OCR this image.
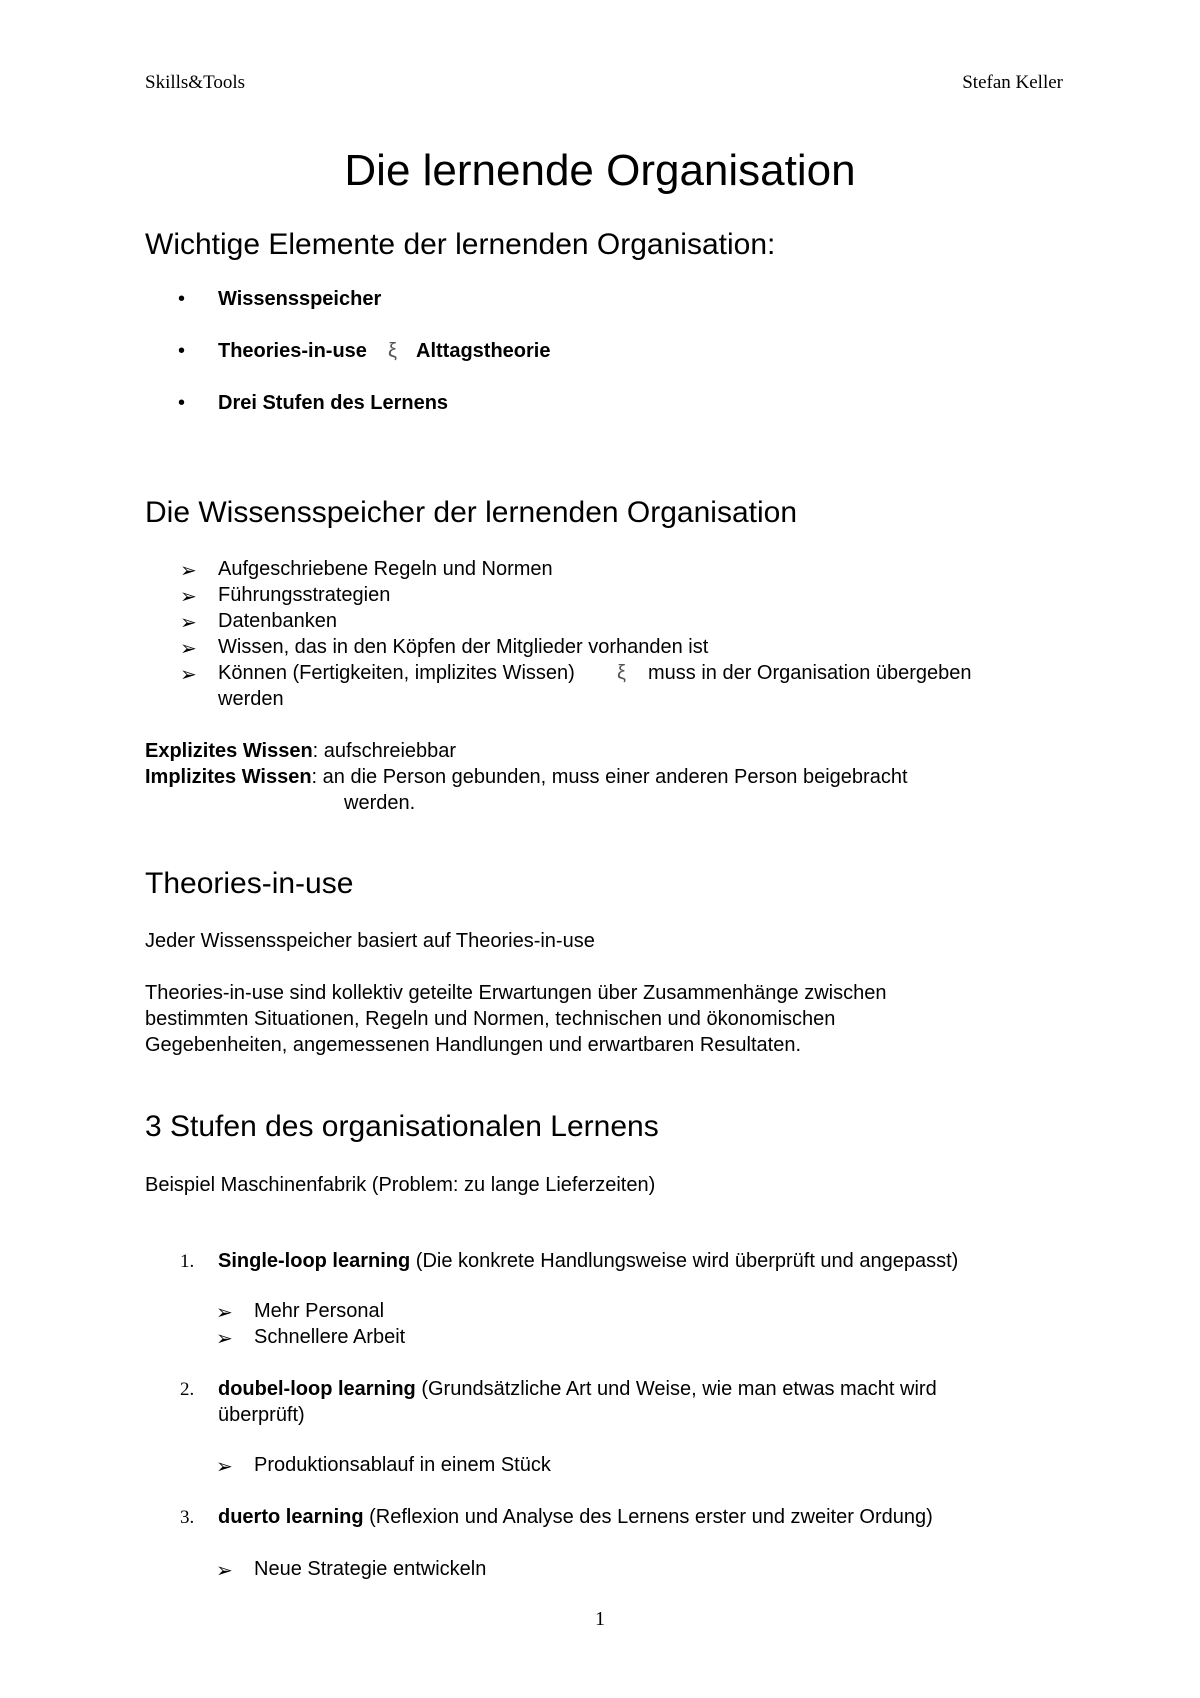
Skills&Tools	Stefan Keller
Die lernende Organisation
Wichtige Elemente der lernenden Organisation:
• Wissensspeicher
• Theories-in-use ξ Alttagstheorie
• Drei Stufen des Lernens
Die Wissensspeicher der lernenden Organisation
➢ Aufgeschriebene Regeln und Normen
➢ Führungsstrategien
➢ Datenbanken
➢ Wissen, das in den Köpfen der Mitglieder vorhanden ist
➢ Können (Fertigkeiten, implizites Wissen) ξ muss in der Organisation übergeben
werden
Explizites Wissen: aufschreiebbar
Implizites Wissen: an die Person gebunden, muss einer anderen Person beigebracht
werden.
Theories-in-use
Jeder Wissensspeicher basiert auf Theories-in-use
Theories-in-use sind kollektiv geteilte Erwartungen über Zusammenhänge zwischen
bestimmten Situationen, Regeln und Normen, technischen und ökonomischen
Gegebenheiten, angemessenen Handlungen und erwartbaren Resultaten.
3 Stufen des organisationalen Lernens
Beispiel Maschinenfabrik (Problem: zu lange Lieferzeiten)
1. Single-loop learning (Die konkrete Handlungsweise wird überprüft und angepasst)
➢ Mehr Personal
➢ Schnellere Arbeit
2. doubel-loop learning (Grundsätzliche Art und Weise, wie man etwas macht wird
überprüft)
➢ Produktionsablauf in einem Stück
3. duerto learning (Reflexion und Analyse des Lernens erster und zweiter Ordung)
➢ Neue Strategie entwickeln
1
